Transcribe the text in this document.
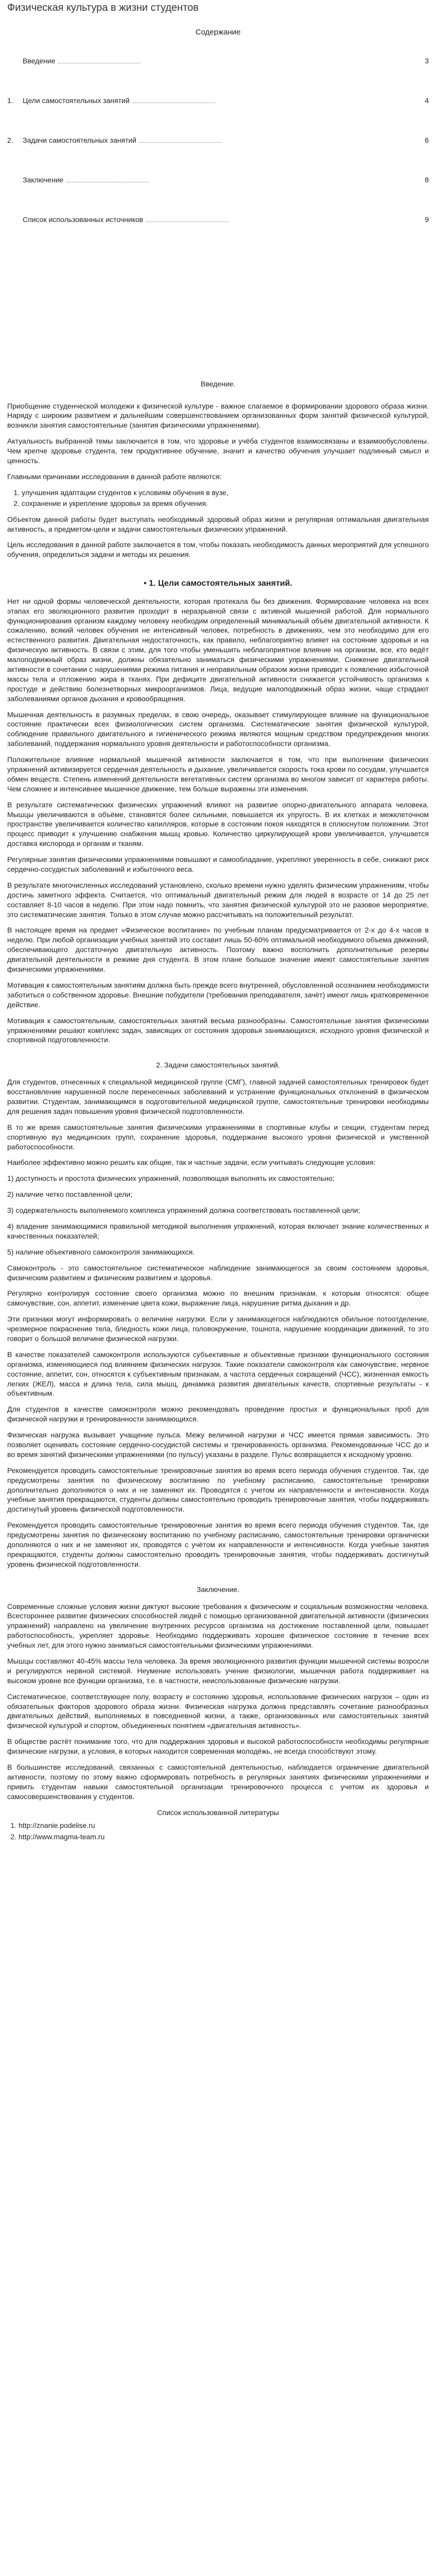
Физическая культура в жизни студентов
Содержание
Введение	3
1.	Цели самостоятельных занятий	4
2.	Задачи самостоятельных занятий	6
Заключение	8
Список использованных источников	9
Введение.

Приобщение студенческой молодежи к физической культуре - важное слагаемое в формировании здорового образа жизни. Наряду с широким развитием и дальнейшим совершенствованием организованных форм занятий физической культурой, возникли занятия самостоятельные (занятия физическими упражнениями).

Актуальность выбранной темы заключается в том, что здоровье и учёба студентов взаимосвязаны и взаимообусловлены. Чем крепче здоровье студента, тем продуктивнее обучение, значит и качество обучения улучшает подлинный смысл и ценность.

Главными причинами исследования в данной работе являются:

1. улучшения адаптации студентов к условиям обучения в вузе,
2. сохранение и укрепление здоровья за время обучения.

Объектом данной работы будет выступать необходимый здоровый образ жизни и регулярная оптимальная двигательная активность, а предметом-цели и задачи самостоятельных физических упражнений.

Цель исследования в данной работе заключается в том, чтобы показать необходимость данных мероприятий для успешного обучения, определиться задачи и методы их решения.

• 1. Цели самостоятельных занятий.

Нет ни одной формы человеческой деятельности, которая протекала бы без движения. Формирование человека на всех этапах его эволюционного развития проходит в неразрывной связи с активной мышечной работой. Для нормального функционирования организм каждому человеку необходим определенный минимальный объём двигательной активности. К сожалению, всякий человек обучения не интенсивный человек, потребность в движениях, чем это необходимо для его естественного развития. Двигательная недостаточность, как правило, неблагоприятно влияет на состояние здоровья и на физическую активность. В связи с этим, для того чтобы уменьшить неблагоприятное влияние на организм, все, кто ведёт малоподвижный образ жизни, должны обязательно заниматься физическими упражнениями. Снижение двигательной активности в сочетании с нарушениями режима питания и неправильным образом жизни приводит к появлению избыточной массы тела и отложению жира в тканях. При дефиците двигательной активности снижается устойчивость организма к простуде и действию болезнетворных микроорганизмов. Лица, ведущие малоподвижный образ жизни, чаще страдают заболеваниями органов дыхания и кровообращения.

Мышечная деятельность в разумных пределах, в свою очередь, оказывает стимулирующее влияние на функциональное состояние практически всех физиологических систем организма. Систематические занятия физической культурой, соблюдение правильного двигательного и гигиенического режима являются мощным средством предупреждения многих заболеваний, поддержания нормального уровня деятельности и работоспособности организма.

Положительное влияние нормальной мышечной активности заключается в том, что при выполнении физических упражнений активизируется сердечная деятельность и дыхание, увеличивается скорость тока крови по сосудам, улучшается обмен веществ. Степень изменений деятельности вегетативных систем организма во многом зависит от характера работы. Чем сложнее и интенсивнее мышечное движение, тем больше выражены эти изменения.

В результате систематических физических упражнений влияют на развитие опорно-двигательного аппарата человека. Мышцы увеличиваются в объёме, становятся более сильными, повышается их упругость. В их клетках и межклеточном пространстве увеличивается количество капилляров, которые в состоянии покоя находятся в сплюснутом положении. Этот процесс приводит к улучшению снабжения мышц кровью. Количество циркулирующей крови увеличивается, улучшается доставка кислорода и органам и тканям.

Регулярные занятия физическими упражнениями повышают и самообладание, укрепляют уверенность в себе, снижают риск сердечно-сосудистых заболеваний и избыточного веса.

В результате многочисленных исследований установлено, сколько времени нужно уделять физическим упражнениям, чтобы достичь заметного эффекта. Считается, что оптимальный двигательный режим для людей в возрасте от 14 до 25 лет составляет 8-10 часов в неделю. При этом надо помнить, что занятия физической культурой это не разовое мероприятие, это систематические занятия. Только в этом случае можно рассчитывать на положительный результат.

В настоящее время на предмет «Физическое воспитание» по учебным планам предусматривается от 2-х до 4-х часов в неделю. При любой организации учебных занятий это составит лишь 50-60% оптимальной необходимого объема движений, обеспечивающего достаточную двигательную активность. Поэтому важно восполнить дополнительные резервы двигательной деятельности в режиме дня студента. В этом плане большое значение имеют самостоятельные занятия физическими упражнениями.

Мотивация к самостоятельным занятиям должна быть прежде всего внутренней, обусловленной осознанием необходимости заботиться о собственном здоровье. Внешние побудители (требования преподавателя, зачёт) имеют лишь кратковременное действие.

Мотивация к самостоятельным, самостоятельных занятий весьма разнообразны. Самостоятельные занятия физическими упражнениями решают комплекс задач, зависящих от состояния здоровья занимающихся, исходного уровня физической и спортивной подготовленности.

2. Задачи самостоятельных занятий.

Для студентов, отнесенных к специальной медицинской группе (СМГ), главной задачей самостоятельных тренировок будет восстановление нарушенной после перенесенных заболеваний и устранение функциональных отклонений в физическом развитии. Студентам, занимающимся в подготовительной медицинской группе, самостоятельные тренировки необходимы для решения задач повышения уровня физической подготовленности.

В то же время самостоятельные занятия физическими упражнениями в спортивные клубы и секции, студентам перед спортивную вуз медицинских групп, сохранение здоровья, поддержание высокого уровня физической и умственной работоспособности.

Наиболее эффективно можно решить как общие, так и частные задачи, если учитывать следующие условия:

1) доступность и простота физических упражнений, позволяющая выполнять их самостоятельно;

2) наличие четко поставленной цели;

3) содержательность выполняемого комплекса упражнений должна соответствовать поставленной цели;

4) владение занимающимися правильной методикой выполнения упражнений, которая включает знание количественных и качественных показателей;

5) наличие объективного самоконтроля занимающихся.

Самоконтроль - это самостоятельное систематическое наблюдение занимающегося за своим состоянием здоровья, физическим развитием и физическим развитием и здоровья.

Регулярно контролируя состояние своего организма можно по внешним признакам, к которым относятся: общее самочувствие, сон, аппетит, изменение цвета кожи, выражение лица, нарушение ритма дыхания и др.

Эти признаки могут информировать о величине нагрузки. Если у занимающегося наблюдаются обильное потоотделение, чрезмерное покраснение тела, бледность кожи лица, головокружение, тошнота, нарушение координации движений, то это говорит о большой величине физической нагрузки.

В качестве показателей самоконтроля используются субъективные и объективные признаки функционального состояния организма, изменяющиеся под влиянием физических нагрузок. Такие показатели самоконтроля как самочувствие, нервное состояние, аппетит, сон, относятся к субъективным признакам, а частота сердечных сокращений (ЧСС), жизненная емкость легких (ЖЕЛ), масса и длина тела, сила мышц, динамика развития двигательных качеств, спортивные результаты - к объективным.

Для студентов в качестве самоконтроля можно рекомендовать проведение простых и функциональных проб для физической нагрузки и тренированности занимающихся.

Физическая нагрузка вызывает учащение пульса. Межу величиной нагрузки и ЧСС имеется прямая зависимость. Это позволяет оценивать состояние сердечно-сосудистой системы и тренированность организма. Рекомендованные ЧСС до и во время занятий физическими упражнениями (по пульсу) указаны в разделе. Пульс возвращается к исходному уровню.

Рекомендуется проводить самостоятельные тренировочные занятия во время всего периода обучения студентов. Так, где предусмотрены занятия по физическому воспитанию по учебному расписанию, самостоятельные тренировки дополнительно дополняются о них и не заменяют их. Проводятся с учетом их направленности и интенсивности. Когда учебные занятия прекращаются, студенты должны самостоятельно проводить тренировочные занятия, чтобы поддерживать достигнутый уровень физической подготовленности.

Рекомендуется проводить самостоятельные тренировочные занятия во время всего периода обучения студентов. Так, где предусмотрены занятия по физическому воспитанию по учебному расписанию, самостоятельные тренировки органически дополняются о них и не заменяют их, проводятся с учётом их направленности и интенсивности. Когда учебные занятия прекращаются, студенты должны самостоятельно проводить тренировочные занятия, чтобы поддерживать достигнутый уровень физической подготовленности.

Заключение.

Современные сложные условия жизни диктуют высокие требования к физическим и социальным возможностям человека. Всестороннее развитие физических способностей людей с помощью организованной двигательной активности (физических упражнений) направлено на увеличение внутренних ресурсов организма на достижение поставленной цели, повышает работоспособность, укрепляет здоровье. Необходимо поддерживать хорошее физическое состояние в течение всех учебных лет, для этого нужно заниматься самостоятельными физическими упражнениями.

Мышцы составляют 40-45% массы тела человека. За время эволюционного развития функции мышечной системы возросли и регулируются нервной системой. Неумение использовать учение физиологии, мышечная работа поддерживает на высоком уровне все функции организма, т.е. в частности, неиспользованные физические нагрузки.

Систематическое, соответствующее полу, возрасту и состоянию здоровья, использование физических нагрузок – один из обязательных факторов здорового образа жизни. Физическая нагрузка должна представлять сочетание разнообразных двигательных действий, выполняемых в повседневной жизни, а также, организованных или самостоятельных занятий физической культурой и спортом, объединенных понятием «двигательная активность».

В обществе растёт понимание того, что для поддержания здоровья и высокой работоспособности необходимы регулярные физические нагрузки, а условия, в которых находится современная молодёжь, не всегда способствуют этому.

В большинстве исследований, связанных с самостоятельной деятельностью, наблюдается ограничение двигательной активности, поэтому по этому важно сформировать потребность в регулярных занятиях физическими упражнениями и привить студентам навыки самостоятельной организации тренировочного процесса с учетом их здоровья и самосовершенствования у студентов.

Список использованной литературы
1. http://znanie.podelise.ru
2. http://www.magma-team.ru
